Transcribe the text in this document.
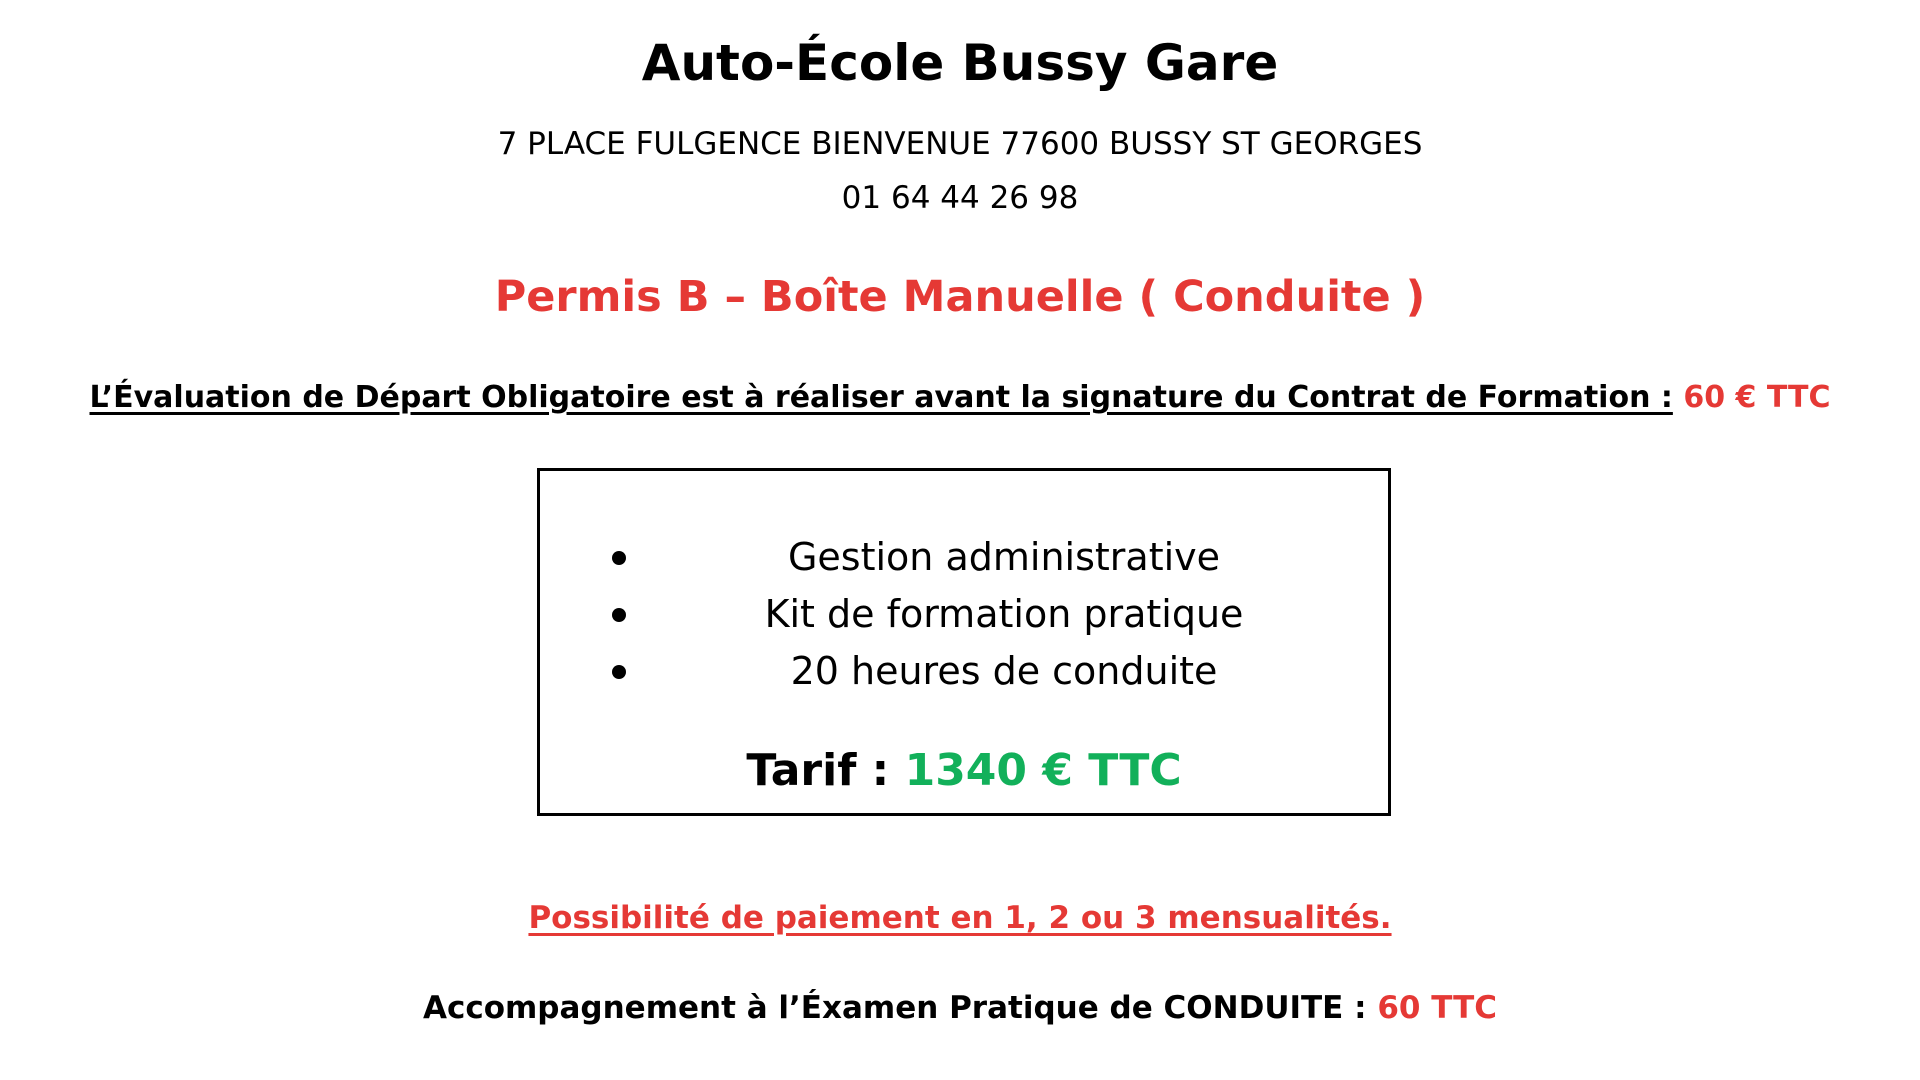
Auto-École Bussy Gare
7 PLACE FULGENCE BIENVENUE 77600 BUSSY ST GEORGES
01 64 44 26 98
Permis B – Boîte Manuelle ( Conduite )
L’Évaluation de Départ Obligatoire est à réaliser avant la signature du Contrat de Formation : 60 € TTC
Gestion administrative
Kit de formation pratique
20 heures de conduite
Tarif : 1340 € TTC
Possibilité de paiement en 1, 2 ou 3 mensualités.
Accompagnement à l’Éxamen Pratique de CONDUITE : 60 TTC
